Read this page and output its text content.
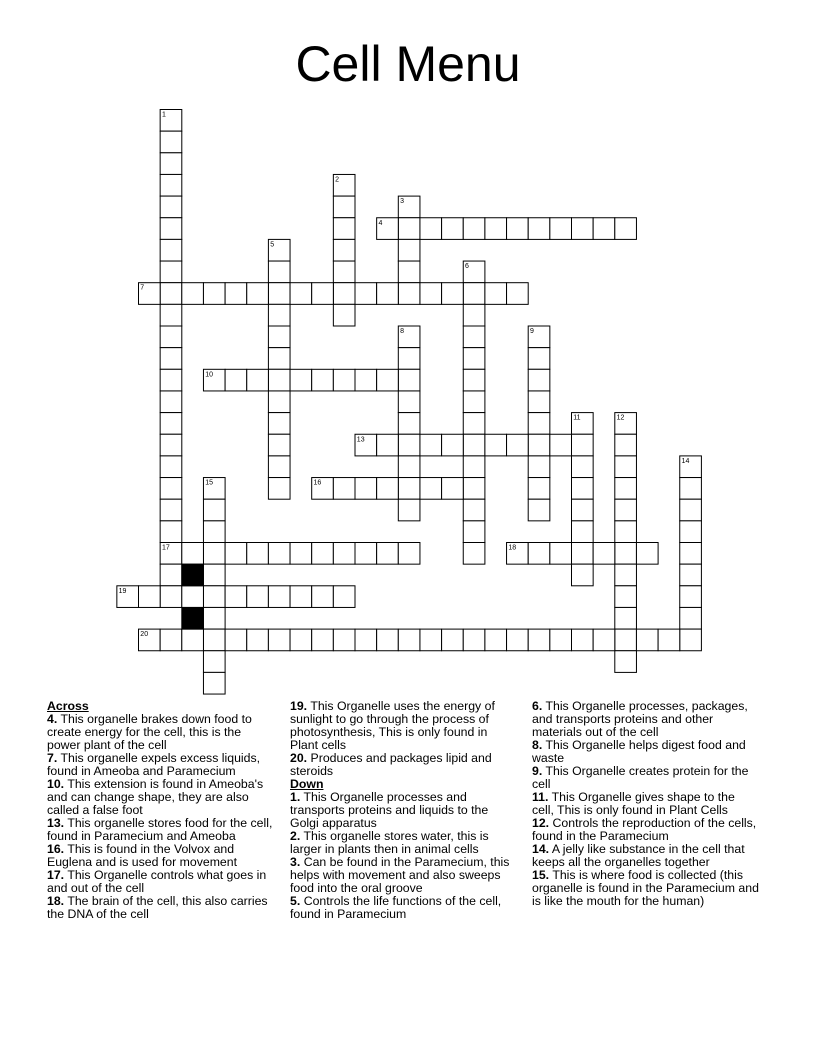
Cell Menu
1
2
3
4
5
6
7
8	9
10
11	12
13
14
15	16
17	18
19
20

Across

4. This organelle brakes down food to create energy for the cell, this is the power plant of the cell

7. This organelle expels excess liquids, found in Ameoba and Paramecium

10. This extension is found in Ameoba's and can change shape, they are also called a false foot

13. This organelle stores food for the cell, found in Paramecium and Ameoba

16. This is found in the Volvox and Euglena and is used for movement

17. This Organelle controls what goes in and out of the cell

18. The brain of the cell, this also carries the DNA of the cell

19. This Organelle uses the energy of sunlight to go through the process of photosynthesis, This is only found in Plant cells

20. Produces and packages lipid and steroids

Down

1. This Organelle processes and transports proteins and liquids to the Golgi apparatus

2. This organelle stores water, this is larger in plants then in animal cells

3. Can be found in the Paramecium, this helps with movement and also sweeps food into the oral groove

5. Controls the life functions of the cell, found in Paramecium

6. This Organelle processes, packages, and transports proteins and other materials out of the cell

8. This Organelle helps digest food and waste

9. This Organelle creates protein for the cell

11. This Organelle gives shape to the cell, This is only found in Plant Cells

12. Controls the reproduction of the cells, found in the Paramecium

14. A jelly like substance in the cell that keeps all the organelles together

15. This is where food is collected (this organelle is found in the Paramecium and is like the mouth for the human)
